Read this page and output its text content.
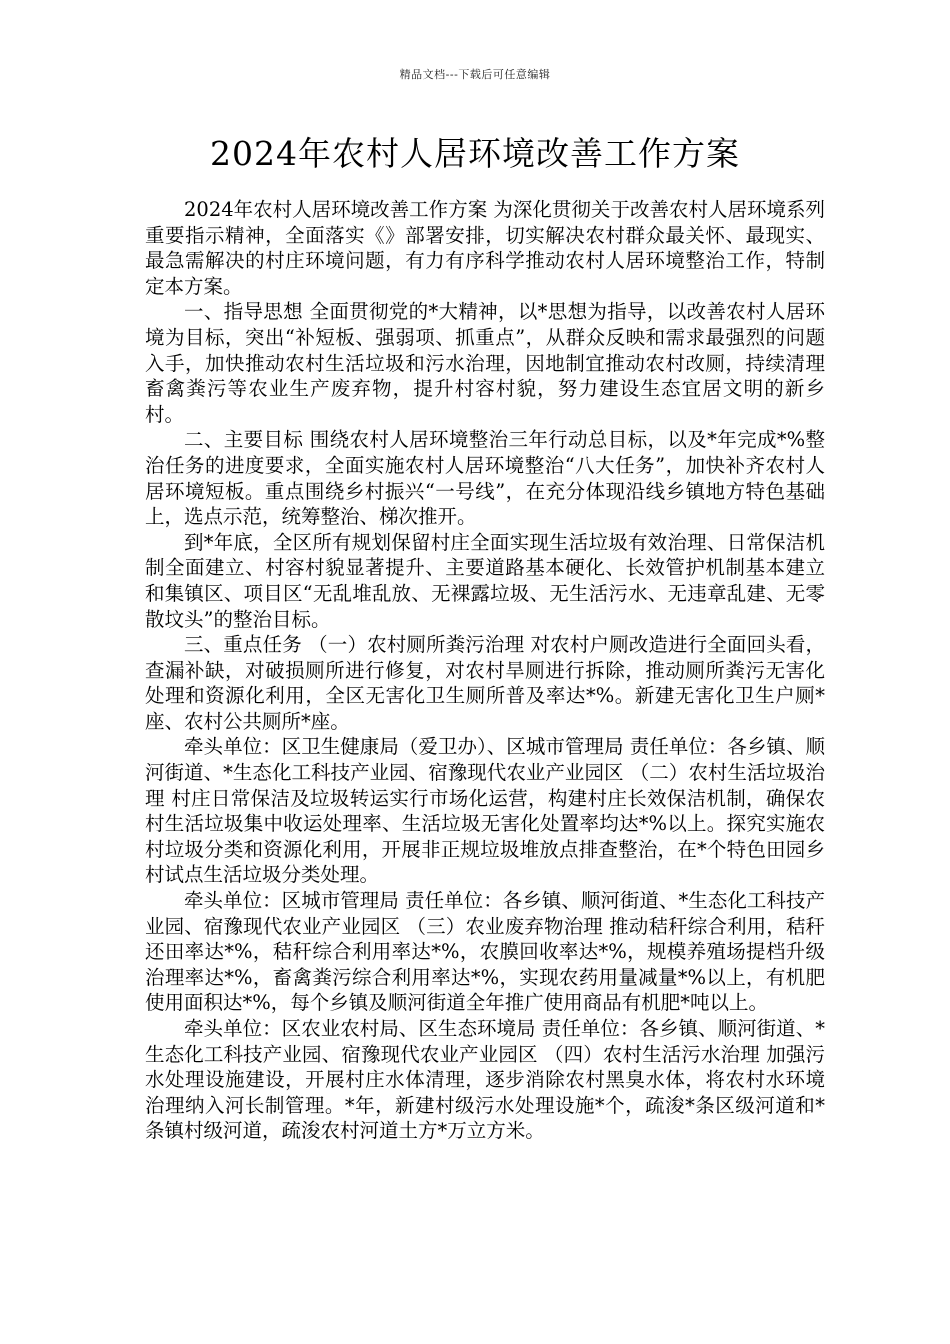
精品文档---下载后可任意编辑
2024年农村人居环境改善工作方案

2024年农村人居环境改善工作方案 为深化贯彻关于改善农村人居环境系列重要指示精神，全面落实《》部署安排，切实解决农村群众最关怀、最现实、最急需解决的村庄环境问题，有力有序科学推动农村人居环境整治工作，特制定本方案。

一、指导思想 全面贯彻党的*大精神，以*思想为指导，以改善农村人居环境为目标，突出“补短板、强弱项、抓重点”，从群众反映和需求最强烈的问题入手，加快推动农村生活垃圾和污水治理，因地制宜推动农村改厕，持续清理畜禽粪污等农业生产废弃物，提升村容村貌，努力建设生态宜居文明的新乡村。

二、主要目标 围绕农村人居环境整治三年行动总目标，以及*年完成*%整治任务的进度要求，全面实施农村人居环境整治“八大任务”，加快补齐农村人居环境短板。重点围绕乡村振兴“一号线”，在充分体现沿线乡镇地方特色基础上，选点示范，统筹整治、梯次推开。

到*年底，全区所有规划保留村庄全面实现生活垃圾有效治理、日常保洁机制全面建立、村容村貌显著提升、主要道路基本硬化、长效管护机制基本建立和集镇区、项目区“无乱堆乱放、无裸露垃圾、无生活污水、无违章乱建、无零散坟头”的整治目标。

三、重点任务 （一）农村厕所粪污治理 对农村户厕改造进行全面回头看，查漏补缺，对破损厕所进行修复，对农村旱厕进行拆除，推动厕所粪污无害化处理和资源化利用，全区无害化卫生厕所普及率达*%。新建无害化卫生户厕*座、农村公共厕所*座。

牵头单位：区卫生健康局（爱卫办）、区城市管理局 责任单位：各乡镇、顺河街道、*生态化工科技产业园、宿豫现代农业产业园区 （二）农村生活垃圾治理 村庄日常保洁及垃圾转运实行市场化运营，构建村庄长效保洁机制，确保农村生活垃圾集中收运处理率、生活垃圾无害化处置率均达*%以上。探究实施农村垃圾分类和资源化利用，开展非正规垃圾堆放点排查整治，在*个特色田园乡村试点生活垃圾分类处理。

牵头单位：区城市管理局 责任单位：各乡镇、顺河街道、*生态化工科技产业园、宿豫现代农业产业园区 （三）农业废弃物治理 推动秸秆综合利用，秸秆还田率达*%，秸秆综合利用率达*%，农膜回收率达*%，规模养殖场提档升级治理率达*%，畜禽粪污综合利用率达*%，实现农药用量减量*%以上，有机肥使用面积达*%，每个乡镇及顺河街道全年推广使用商品有机肥*吨以上。

牵头单位：区农业农村局、区生态环境局 责任单位：各乡镇、顺河街道、*生态化工科技产业园、宿豫现代农业产业园区 （四）农村生活污水治理 加强污水处理设施建设，开展村庄水体清理，逐步消除农村黑臭水体，将农村水环境治理纳入河长制管理。*年，新建村级污水处理设施*个，疏浚*条区级河道和*条镇村级河道，疏浚农村河道土方*万立方米。
